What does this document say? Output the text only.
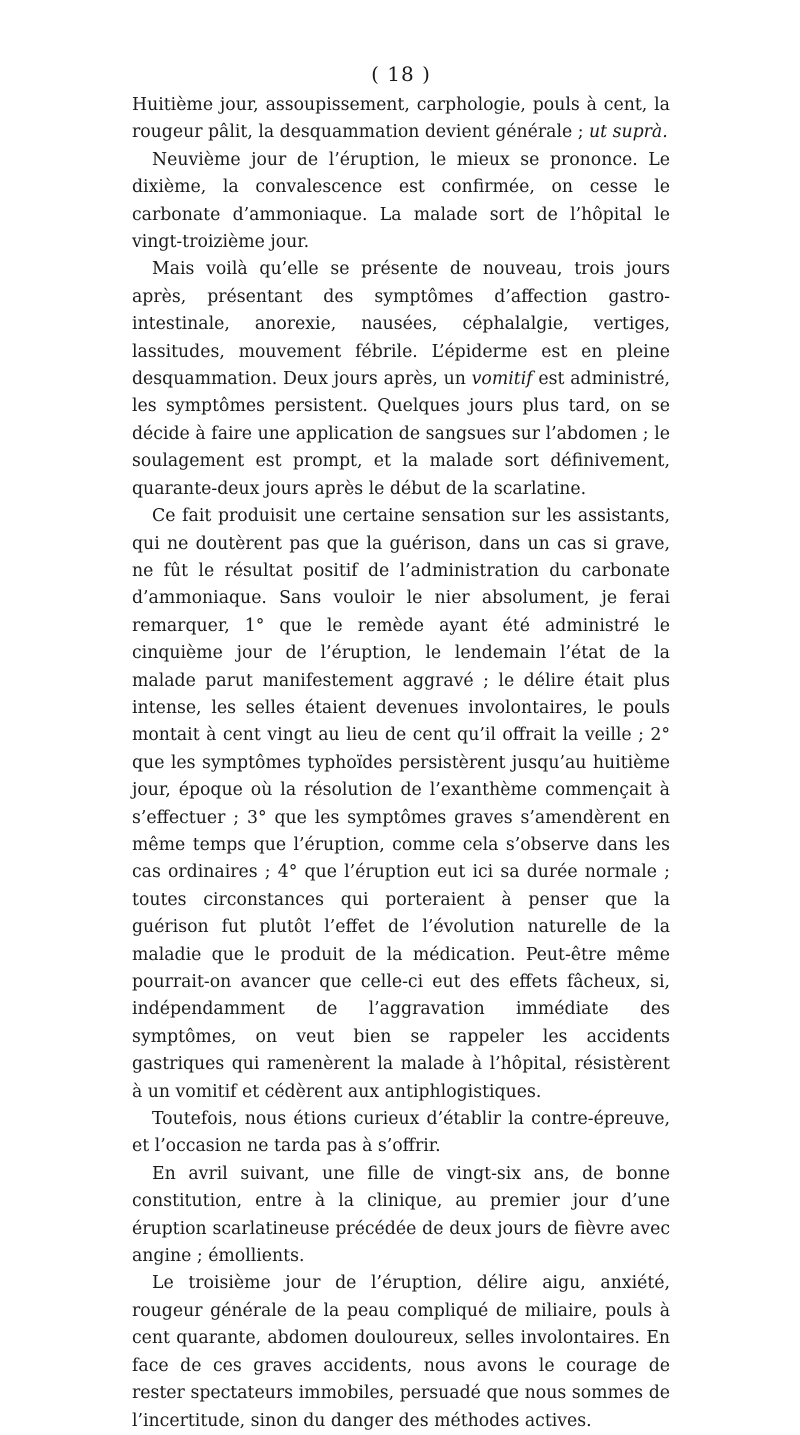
( 18 )

Huitième jour, assoupissement, carphologie, pouls à cent, la rougeur pâlit, la desquammation devient générale ; ut suprà.

Neuvième jour de l’éruption, le mieux se prononce. Le dixième, la convalescence est confirmée, on cesse le carbonate d’ammoniaque. La malade sort de l’hôpital le vingt-troizième jour.

Mais voilà qu’elle se présente de nouveau, trois jours après, présentant des symptômes d’affection gastro-intestinale, anorexie, nausées, céphalalgie, vertiges, lassitudes, mouvement fébrile. L’épiderme est en pleine desquammation. Deux jours après, un vomitif est administré, les symptômes persistent. Quelques jours plus tard, on se décide à faire une application de sangsues sur l’abdomen ; le soulagement est prompt, et la malade sort définivement, quarante-deux jours après le début de la scarlatine.

Ce fait produisit une certaine sensation sur les assistants, qui ne doutèrent pas que la guérison, dans un cas si grave, ne fût le résultat positif de l’administration du carbonate d’ammoniaque. Sans vouloir le nier absolument, je ferai remarquer, 1° que le remède ayant été administré le cinquième jour de l’éruption, le lendemain l’état de la malade parut manifestement aggravé ; le délire était plus intense, les selles étaient devenues involontaires, le pouls montait à cent vingt au lieu de cent qu’il offrait la veille ; 2° que les symptômes typhoïdes persistèrent jusqu’au huitième jour, époque où la résolution de l’exanthème commençait à s’effectuer ; 3° que les symptômes graves s’amendèrent en même temps que l’éruption, comme cela s’observe dans les cas ordinaires ; 4° que l’éruption eut ici sa durée normale ; toutes circonstances qui porteraient à penser que la guérison fut plutôt l’effet de l’évolution naturelle de la maladie que le produit de la médication. Peut-être même pourrait-on avancer que celle-ci eut des effets fâcheux, si, indépendamment de l’aggravation immédiate des symptômes, on veut bien se rappeler les accidents gastriques qui ramenèrent la malade à l’hôpital, résistèrent à un vomitif et cédèrent aux antiphlogistiques.

Toutefois, nous étions curieux d’établir la contre-épreuve, et l’occasion ne tarda pas à s’offrir.

En avril suivant, une fille de vingt-six ans, de bonne constitution, entre à la clinique, au premier jour d’une éruption scarlatineuse précédée de deux jours de fièvre avec angine ; émollients.

Le troisième jour de l’éruption, délire aigu, anxiété, rougeur générale de la peau compliqué de miliaire, pouls à cent quarante, abdomen douloureux, selles involontaires. En face de ces graves accidents, nous avons le courage de rester spectateurs immobiles, persuadé que nous sommes de l’incertitude, sinon du danger des méthodes actives.
